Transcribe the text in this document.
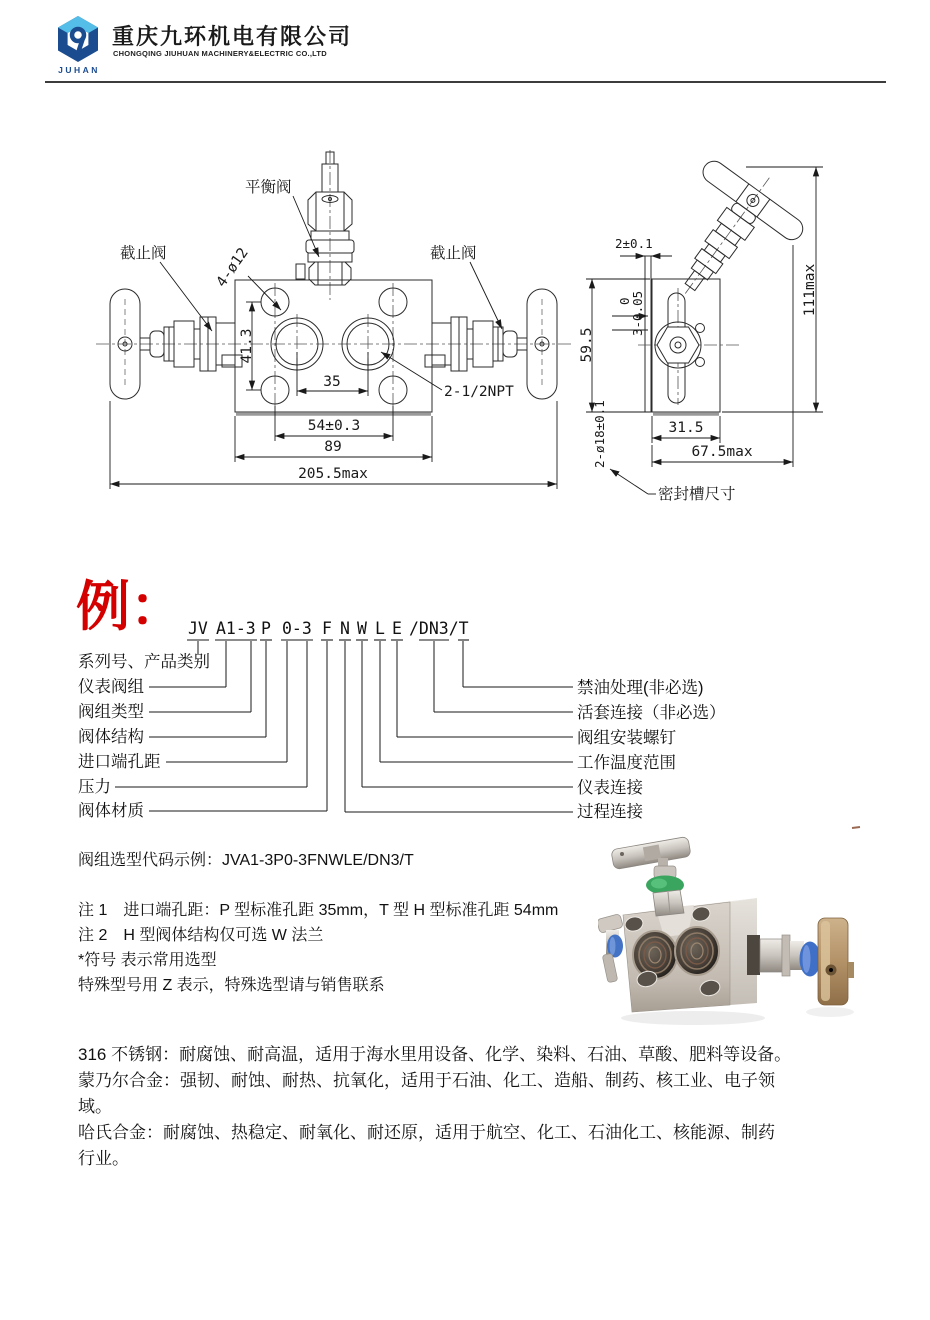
JUHAN
重庆九环机电有限公司
CHONGQING JIUHUAN MACHINERY&ELECTRIC CO.,LTD
平衡阀
截止阀	截止阀
4-ø12
2-1/2NPT
41.3
35
54±0.3
89
205.5max
2±0.1
0
3-0.05
59.5
111max
31.5
67.5max
2-ø18±0.1
密封槽尺寸
例： JV A1-3 P 0-3 F N W L E /DN3/T
系列号、产品类别
仪表阀组
阀组类型
阀体结构
进口端孔距
压力
阀体材质
禁油处理(非必选)
活套连接（非必选）
阀组安装螺钉
工作温度范围
仪表连接
过程连接
阀组选型代码示例：JVA1-3P0-3FNWLE/DN3/T
注 1　进口端孔距：P 型标准孔距 35mm，T 型 H 型标准孔距 54mm
注 2　H 型阀体结构仅可选 W 法兰
*符号 表示常用选型
特殊型号用 Z 表示，特殊选型请与销售联系
316 不锈钢：耐腐蚀、耐高温，适用于海水里用设备、化学、染料、石油、草酸、肥料等设备。
蒙乃尔合金：强韧、耐蚀、耐热、抗氧化，适用于石油、化工、造船、制药、核工业、电子领
域。
哈氏合金：耐腐蚀、热稳定、耐氧化、耐还原，适用于航空、化工、石油化工、核能源、制药
行业。
